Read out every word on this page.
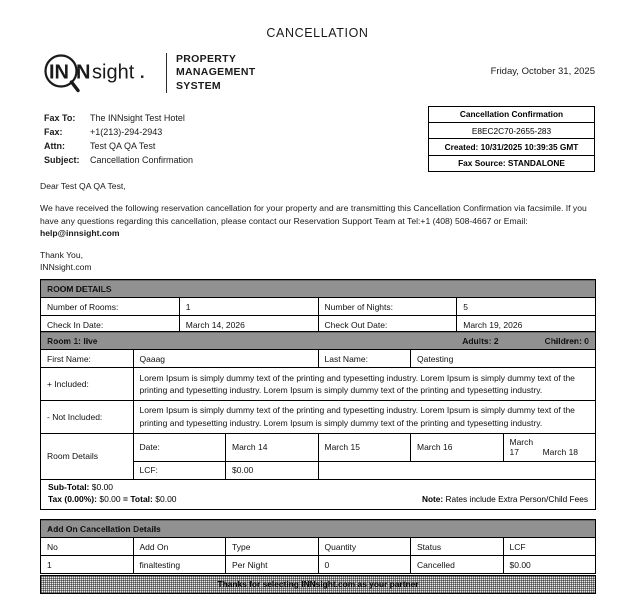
CANCELLATION
IN N sight
PROPERTY
MANAGEMENT
SYSTEM
Friday, October 31, 2025
Fax To:	The INNsight Test Hotel
Fax:	+1(213)-294-2943
Attn:	Test QA QA Test
Subject:	Cancellation Confirmation
Cancellation Confirmation
E8EC2C70-2655-283
Created: 10/31/2025 10:39:35 GMT
Fax Source: STANDALONE

Dear Test QA QA Test,

We have received the following reservation cancellation for your property and are transmitting this Cancellation Confirmation via facsimile. If you have any questions regarding this cancellation, please contact our Reservation Support Team at Tel:+1 (408) 508-4667 or Email: help@innsight.com

Thank You,

INNsight.com

ROOM DETAILS			
Number of Rooms:	1	Number of Nights:	5
Check In Date:	March 14, 2026	Check Out Date:	March 19, 2026
Room 1: live Adults: 2 Children: 0					

First Name:	Qaaag		Last Name:	Qatesting	
+ Included:	Lorem Ipsum is simply dummy text of the printing and typesetting industry. Lorem Ipsum is simply dummy text of the printing and typesetting industry. Lorem Ipsum is simply dummy text of the printing and typesetting industry.				
- Not Included:	Lorem Ipsum is simply dummy text of the printing and typesetting industry. Lorem Ipsum is simply dummy text of the printing and typesetting industry. Lorem Ipsum is simply dummy text of the printing and typesetting industry.				
Room Details	Date:	March 14	March 15	March 16	March 17 March 18
	LCF:	$0.00			
Sub-Total: $0.00
Tax (0.00%): $0.00 = Total: $0.00	Note: Rates include Extra Person/Child Fees
Add On Cancellation Details					
No	Add On	Type	Quantity	Status	LCF
1	finaltesting	Per Night	0	Cancelled	$0.00
Thanks for selecting INNsight.com as your partner
